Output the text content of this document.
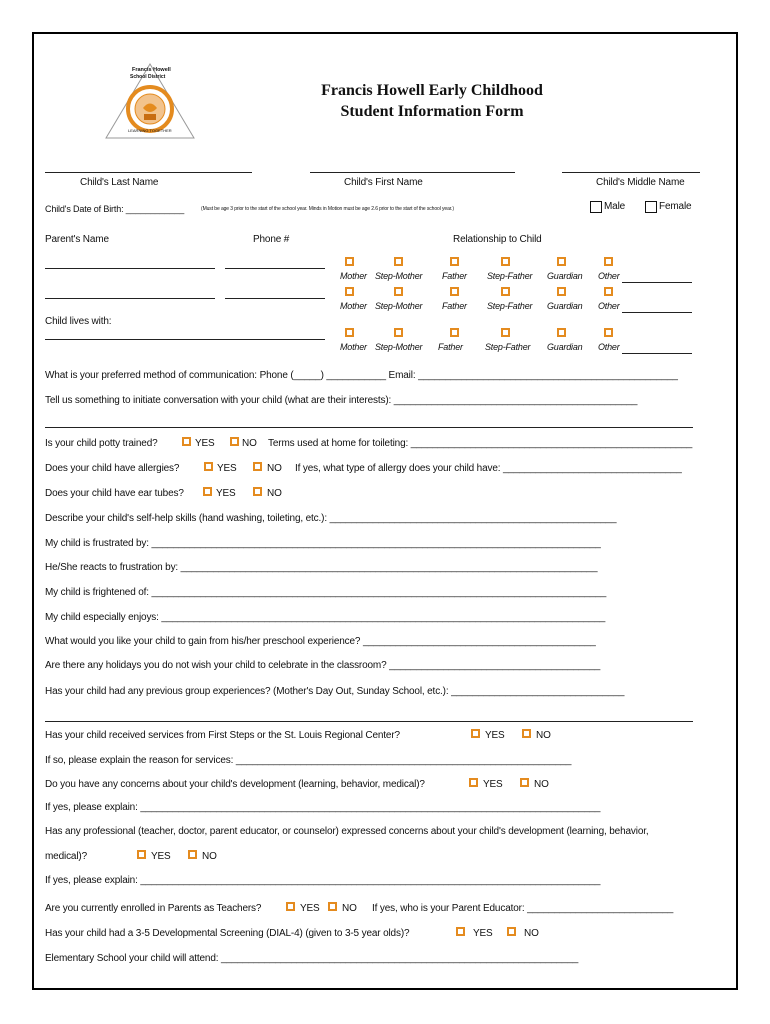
Francis Howell
School District
LEARNING TOGETHER
Francis Howell Early Childhood
Student Information Form
Child's Last Name	Child's First Name	Child's Middle Name
Child's Date of Birth: ____________	(Must be age 3 prior to the start of the school year. Minds in Motion must be age 2.6 prior to the start of the school year.)	Male	Female
Parent's Name	Phone #	Relationship to Child
Child lives with:
Mother Step-Mother Father Step-Father Guardian Other
Mother Step-Mother Father Step-Father Guardian Other
Mother Step-Mother Father Step-Father Guardian Other
What is your preferred method of communication: Phone (_____) ___________ Email: ________________________________________________
Tell us something to initiate conversation with your child (what are their interests): _____________________________________________
Is your child potty trained?	YES	NO Terms used at home for toileting: ____________________________________________________
Does your child have allergies?	YES	NO If yes, what type of allergy does your child have: _________________________________
Does your child have ear tubes?	YES	NO
Describe your child's self-help skills (hand washing, toileting, etc.): _____________________________________________________
My child is frustrated by: ___________________________________________________________________________________
He/She reacts to frustration by: _____________________________________________________________________________
My child is frightened of: ____________________________________________________________________________________
My child especially enjoys: __________________________________________________________________________________
What would you like your child to gain from his/her preschool experience? ___________________________________________
Are there any holidays you do not wish your child to celebrate in the classroom? _______________________________________
Has your child had any previous group experiences? (Mother's Day Out, Sunday School, etc.): ________________________________
Has your child received services from First Steps or the St. Louis Regional Center?	YES	NO
If so, please explain the reason for services: ______________________________________________________________
Do you have any concerns about your child's development (learning, behavior, medical)?	YES	NO
If yes, please explain: _____________________________________________________________________________________
Has any professional (teacher, doctor, parent educator, or counselor) expressed concerns about your child's development (learning, behavior,
medical)?	YES	NO
If yes, please explain: _____________________________________________________________________________________
Are you currently enrolled in Parents as Teachers?	YES NO If yes, who is your Parent Educator: ___________________________
Has your child had a 3-5 Developmental Screening (DIAL-4) (given to 3-5 year olds)?	YES	NO
Elementary School your child will attend: __________________________________________________________________
